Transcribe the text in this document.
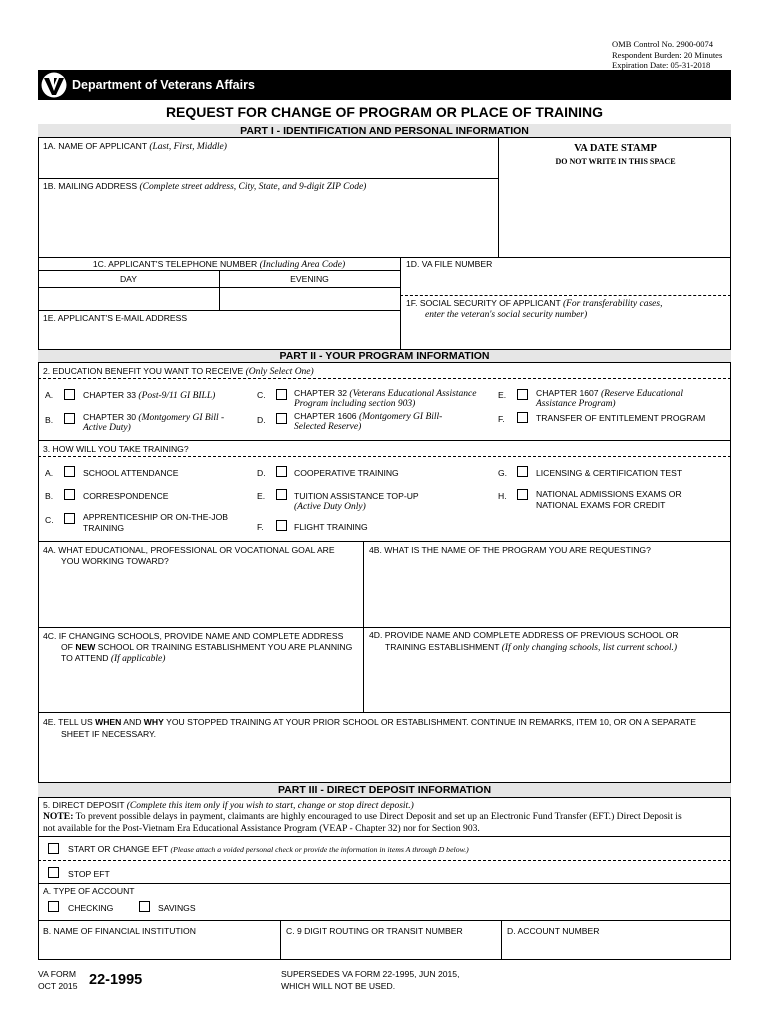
OMB Control No. 2900-0074
Respondent Burden: 20 Minutes
Expiration Date: 05-31-2018
Department of Veterans Affairs
REQUEST FOR CHANGE OF PROGRAM OR PLACE OF TRAINING
PART I - IDENTIFICATION AND PERSONAL INFORMATION
1A. NAME OF APPLICANT (Last, First, Middle)	VA DATE STAMP
DO NOT WRITE IN THIS SPACE
1B. MAILING ADDRESS (Complete street address, City, State, and 9-digit ZIP Code)
1C. APPLICANT'S TELEPHONE NUMBER (Including Area Code)	1D. VA FILE NUMBER
DAY	EVENING
1F. SOCIAL SECURITY OF APPLICANT (For transferability cases,
enter the veteran's social security number)
1E. APPLICANT'S E-MAIL ADDRESS
PART II - YOUR PROGRAM INFORMATION
2. EDUCATION BENEFIT YOU WANT TO RECEIVE (Only Select One)
A.	CHAPTER 33 (Post-9/11 GI BILL)
B.	CHAPTER 30 (Montgomery GI Bill -
Active Duty)
C.	CHAPTER 32 (Veterans Educational Assistance
Program including section 903)
D.	CHAPTER 1606 (Montgomery GI Bill-
Selected Reserve)
E.	CHAPTER 1607 (Reserve Educational
Assistance Program)
F.	TRANSFER OF ENTITLEMENT PROGRAM
3. HOW WILL YOU TAKE TRAINING?
A.	SCHOOL ATTENDANCE
B.	CORRESPONDENCE
C.	APPRENTICESHIP OR ON-THE-JOB
TRAINING
D.	COOPERATIVE TRAINING
E.	TUITION ASSISTANCE TOP-UP
(Active Duty Only)
F.	FLIGHT TRAINING
G.	LICENSING & CERTIFICATION TEST
H.	NATIONAL ADMISSIONS EXAMS OR
NATIONAL EXAMS FOR CREDIT
4A. WHAT EDUCATIONAL, PROFESSIONAL OR VOCATIONAL GOAL ARE
YOU WORKING TOWARD?
4B. WHAT IS THE NAME OF THE PROGRAM YOU ARE REQUESTING?
4C. IF CHANGING SCHOOLS, PROVIDE NAME AND COMPLETE ADDRESS
OF NEW SCHOOL OR TRAINING ESTABLISHMENT YOU ARE PLANNING
TO ATTEND (If applicable)
4D. PROVIDE NAME AND COMPLETE ADDRESS OF PREVIOUS SCHOOL OR
TRAINING ESTABLISHMENT (If only changing schools, list current school.)
4E. TELL US WHEN AND WHY YOU STOPPED TRAINING AT YOUR PRIOR SCHOOL OR ESTABLISHMENT. CONTINUE IN REMARKS, ITEM 10, OR ON A SEPARATE
SHEET IF NECESSARY.
PART III - DIRECT DEPOSIT INFORMATION
5. DIRECT DEPOSIT (Complete this item only if you wish to start, change or stop direct deposit.)
NOTE: To prevent possible delays in payment, claimants are highly encouraged to use Direct Deposit and set up an Electronic Fund Transfer (EFT.) Direct Deposit is
not available for the Post-Vietnam Era Educational Assistance Program (VEAP - Chapter 32) nor for Section 903.
START OR CHANGE EFT (Please attach a voided personal check or provide the information in items A through D below.)
STOP EFT
A. TYPE OF ACCOUNT
CHECKING	SAVINGS
B. NAME OF FINANCIAL INSTITUTION	C. 9 DIGIT ROUTING OR TRANSIT NUMBER	D. ACCOUNT NUMBER
VA FORM
OCT 2015 22-1995	SUPERSEDES VA FORM 22-1995, JUN 2015,
WHICH WILL NOT BE USED.
